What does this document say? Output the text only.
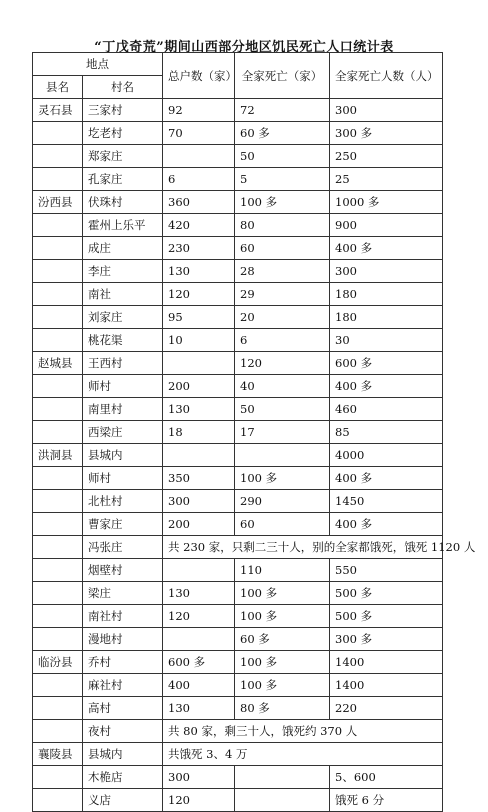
“丁戊奇荒”期间山西部分地区饥民死亡人口统计表
地点		总户数（家）	全家死亡（家）	全家死亡人数（人）
县名	村名			
灵石县	三家村	92	72	300
	圪老村	70	60 多	300 多
	郑家庄		50	250
	孔家庄	6	5	25
汾西县	伏珠村	360	100 多	1000 多
	霍州上乐平	420	80	900
	成庄	230	60	400 多
	李庄	130	28	300
	南社	120	29	180
	刘家庄	95	20	180
	桃花渠	10	6	30
赵城县	王西村		120	600 多
	师村	200	40	400 多
	南里村	130	50	460
	西梁庄	18	17	85
洪洞县	县城内			4000
	师村	350	100 多	400 多
	北杜村	300	290	1450
	曹家庄	200	60	400 多
	冯张庄	共 230 家，只剩二三十人，别的全家都饿死，饿死 1120 人		
	烟壁村		110	550
	梁庄	130	100 多	500 多
	南社村	120	100 多	500 多
	漫地村		60 多	300 多
临汾县	乔村	600 多	100 多	1400
	麻社村	400	100 多	1400
	高村	130	80 多	220
	夜村	共 80 家，剩三十人，饿死约 370 人		
襄陵县	县城内	共饿死 3、4 万		
	木桅店	300		5、600
	义店	120		饿死 6 分
